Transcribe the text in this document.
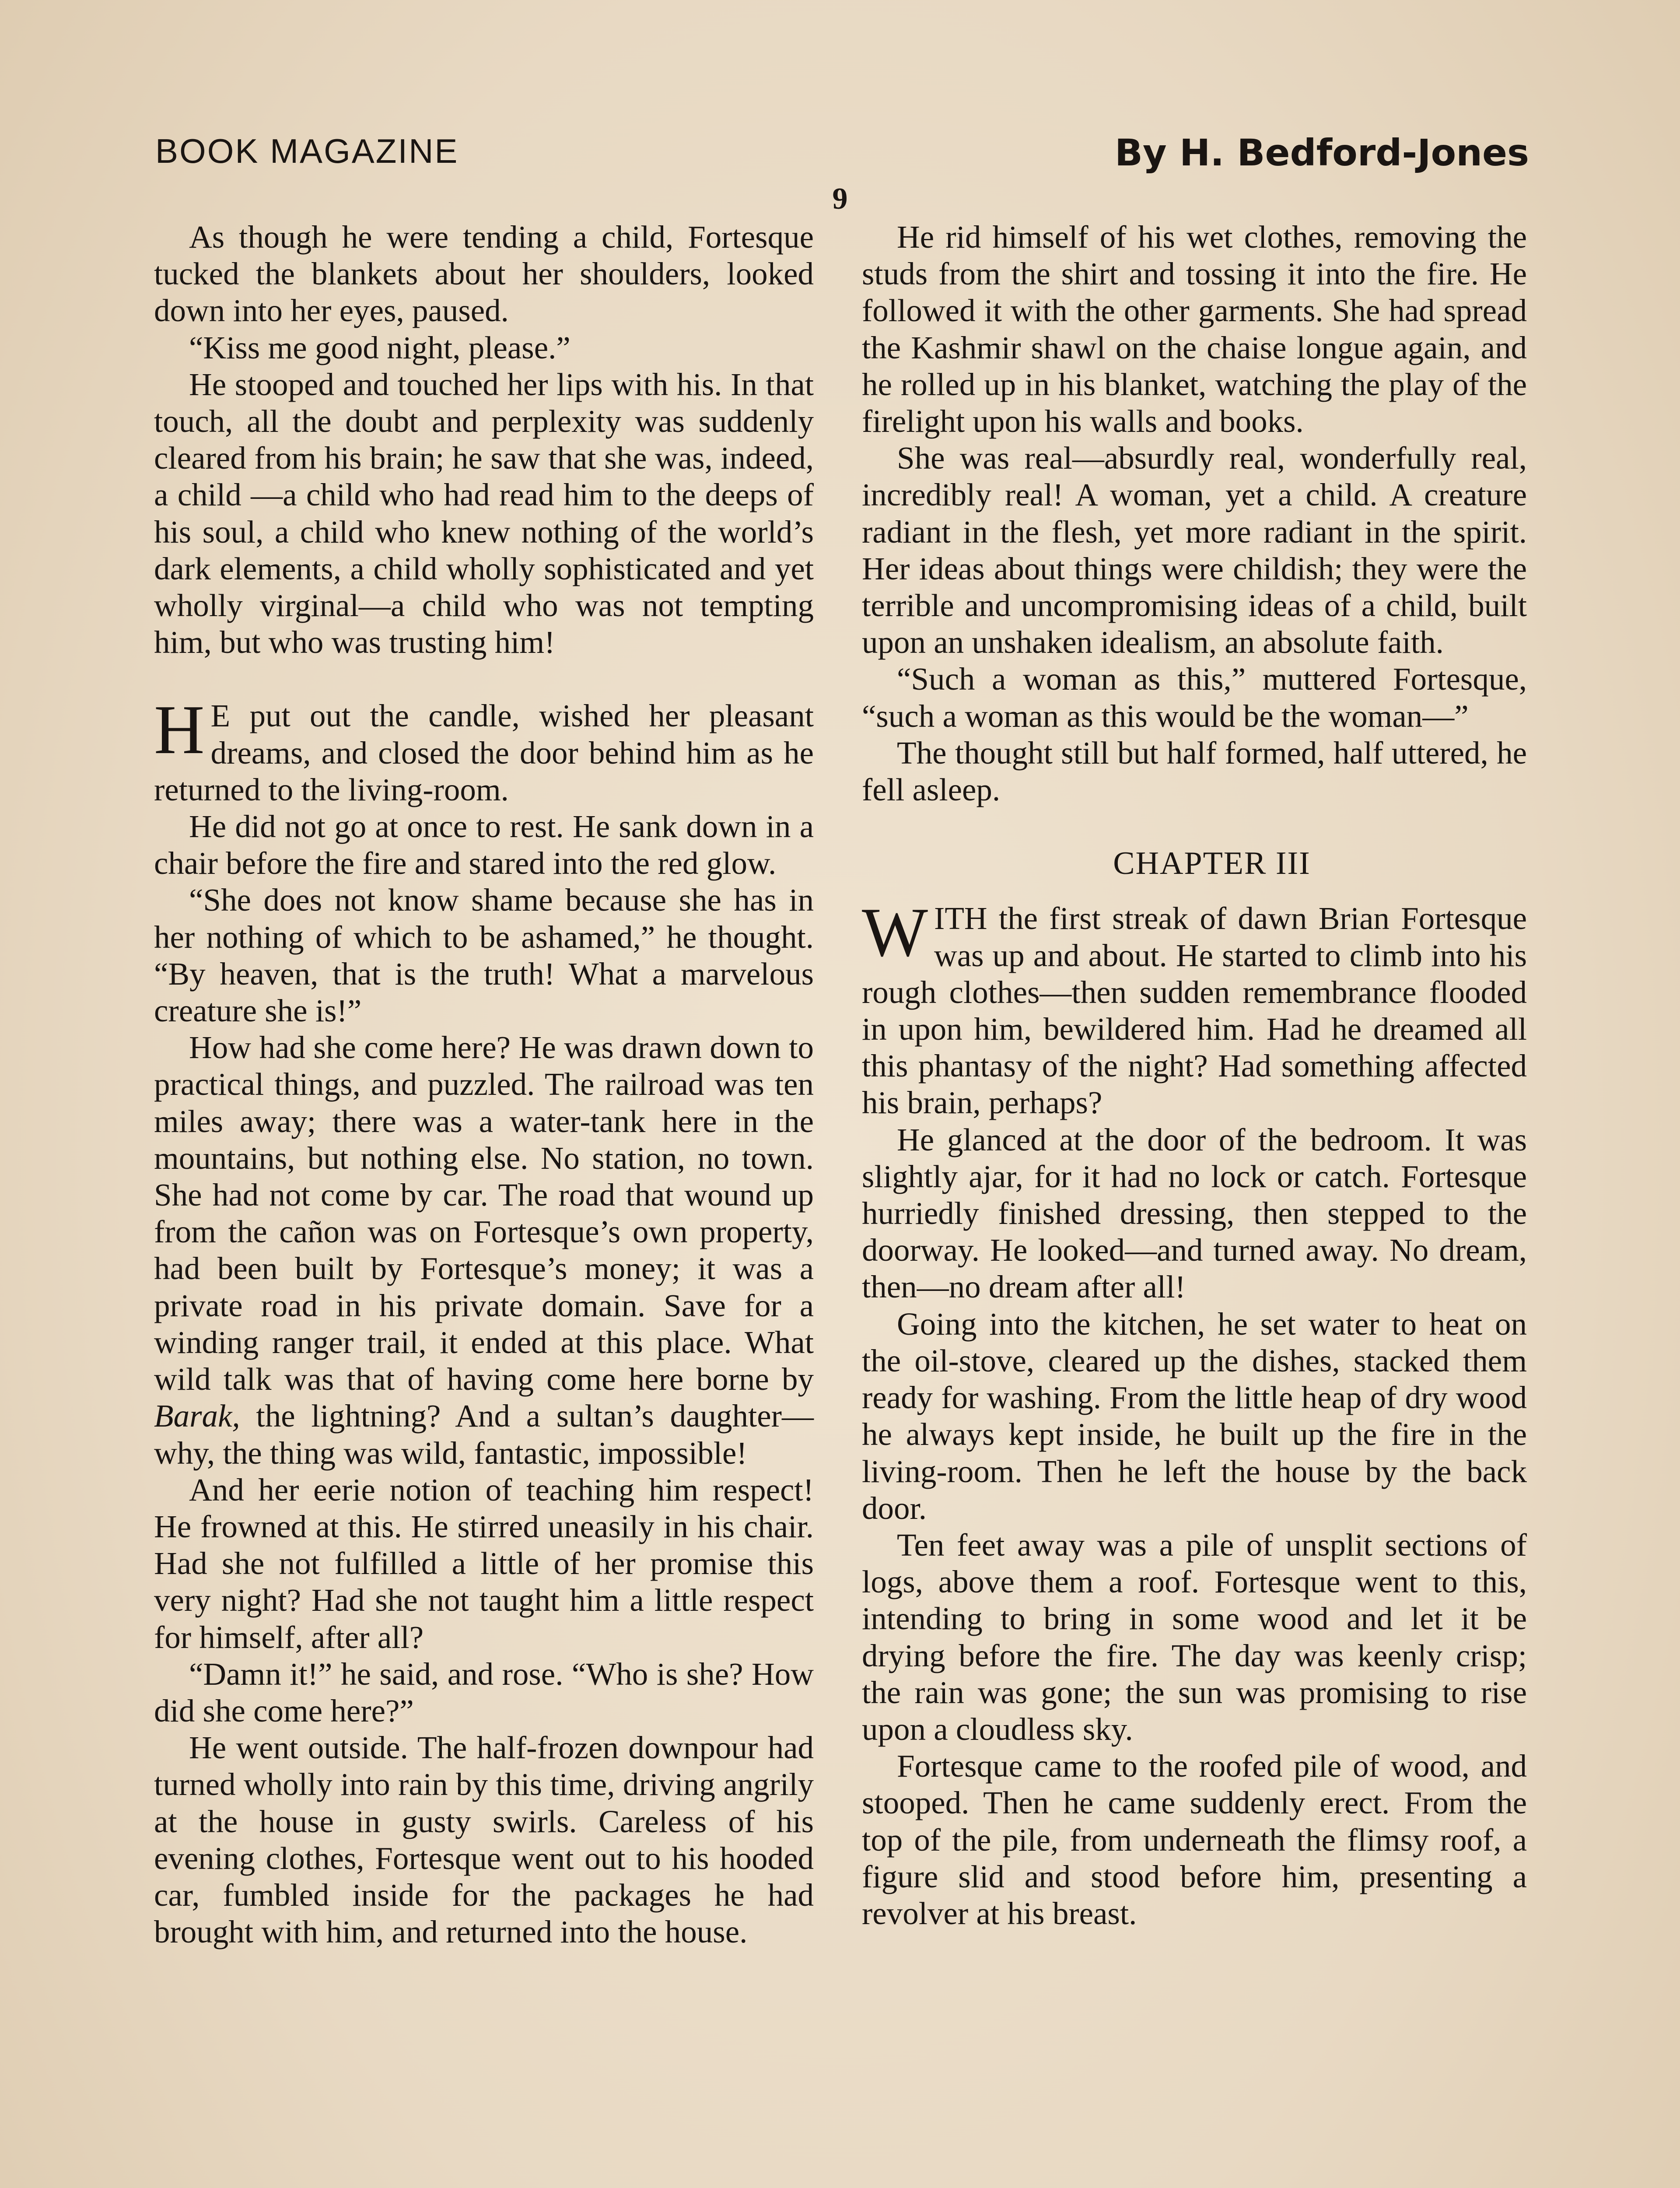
BOOK MAGAZINE	By H. Bedford-Jones
9

As though he were tending a child, Fortesque tucked the blankets about her shoulders, looked down into her eyes, paused.

“Kiss me good night, please.”

He stooped and touched her lips with his. In that touch, all the doubt and perplexity was suddenly cleared from his brain; he saw that she was, indeed, a child —a child who had read him to the deeps of his soul, a child who knew nothing of the world’s dark elements, a child wholly sophisticated and yet wholly virginal—a child who was not tempting him, but who was trusting him!

H E put out the candle, wished her pleasant dreams, and closed the door behind him as he returned to the living-room.

He did not go at once to rest. He sank down in a chair before the fire and stared into the red glow.

“She does not know shame because she has in her nothing of which to be ashamed,” he thought. “By heaven, that is the truth! What a marvelous creature she is!”

How had she come here? He was drawn down to practical things, and puzzled. The railroad was ten miles away; there was a water-tank here in the mountains, but nothing else. No station, no town. She had not come by car. The road that wound up from the cañon was on Fortesque’s own property, had been built by Fortesque’s money; it was a private road in his private domain. Save for a winding ranger trail, it ended at this place. What wild talk was that of having come here borne by Barak, the lightning? And a sultan’s daughter—why, the thing was wild, fantastic, impossible!

And her eerie notion of teaching him respect! He frowned at this. He stirred uneasily in his chair. Had she not fulfilled a little of her promise this very night? Had she not taught him a little respect for himself, after all?

“Damn it!” he said, and rose. “Who is she? How did she come here?”

He went outside. The half-frozen downpour had turned wholly into rain by this time, driving angrily at the house in gusty swirls. Careless of his evening clothes, Fortesque went out to his hooded car, fumbled inside for the packages he had brought with him, and returned into the house.

He rid himself of his wet clothes, removing the studs from the shirt and tossing it into the fire. He followed it with the other garments. She had spread the Kashmir shawl on the chaise longue again, and he rolled up in his blanket, watching the play of the firelight upon his walls and books.

She was real—absurdly real, wonderfully real, incredibly real! A woman, yet a child. A creature radiant in the flesh, yet more radiant in the spirit. Her ideas about things were childish; they were the terrible and uncompromising ideas of a child, built upon an unshaken idealism, an absolute faith.

“Such a woman as this,” muttered Fortesque, “such a woman as this would be the woman—”

The thought still but half formed, half uttered, he fell asleep.

CHAPTER III

WITH the first streak of dawn Brian Fortesque was up and about. He started to climb into his rough clothes—then sudden remembrance flooded in upon him, bewildered him. Had he dreamed all this phantasy of the night? Had something affected his brain, perhaps?

He glanced at the door of the bedroom. It was slightly ajar, for it had no lock or catch. Fortesque hurriedly finished dressing, then stepped to the doorway. He looked—and turned away. No dream, then—no dream after all!

Going into the kitchen, he set water to heat on the oil-stove, cleared up the dishes, stacked them ready for washing. From the little heap of dry wood he always kept inside, he built up the fire in the living-room. Then he left the house by the back door.

Ten feet away was a pile of unsplit sections of logs, above them a roof. Fortesque went to this, intending to bring in some wood and let it be drying before the fire. The day was keenly crisp; the rain was gone; the sun was promising to rise upon a cloudless sky.

Fortesque came to the roofed pile of wood, and stooped. Then he came suddenly erect. From the top of the pile, from underneath the flimsy roof, a figure slid and stood before him, presenting a revolver at his breast.
